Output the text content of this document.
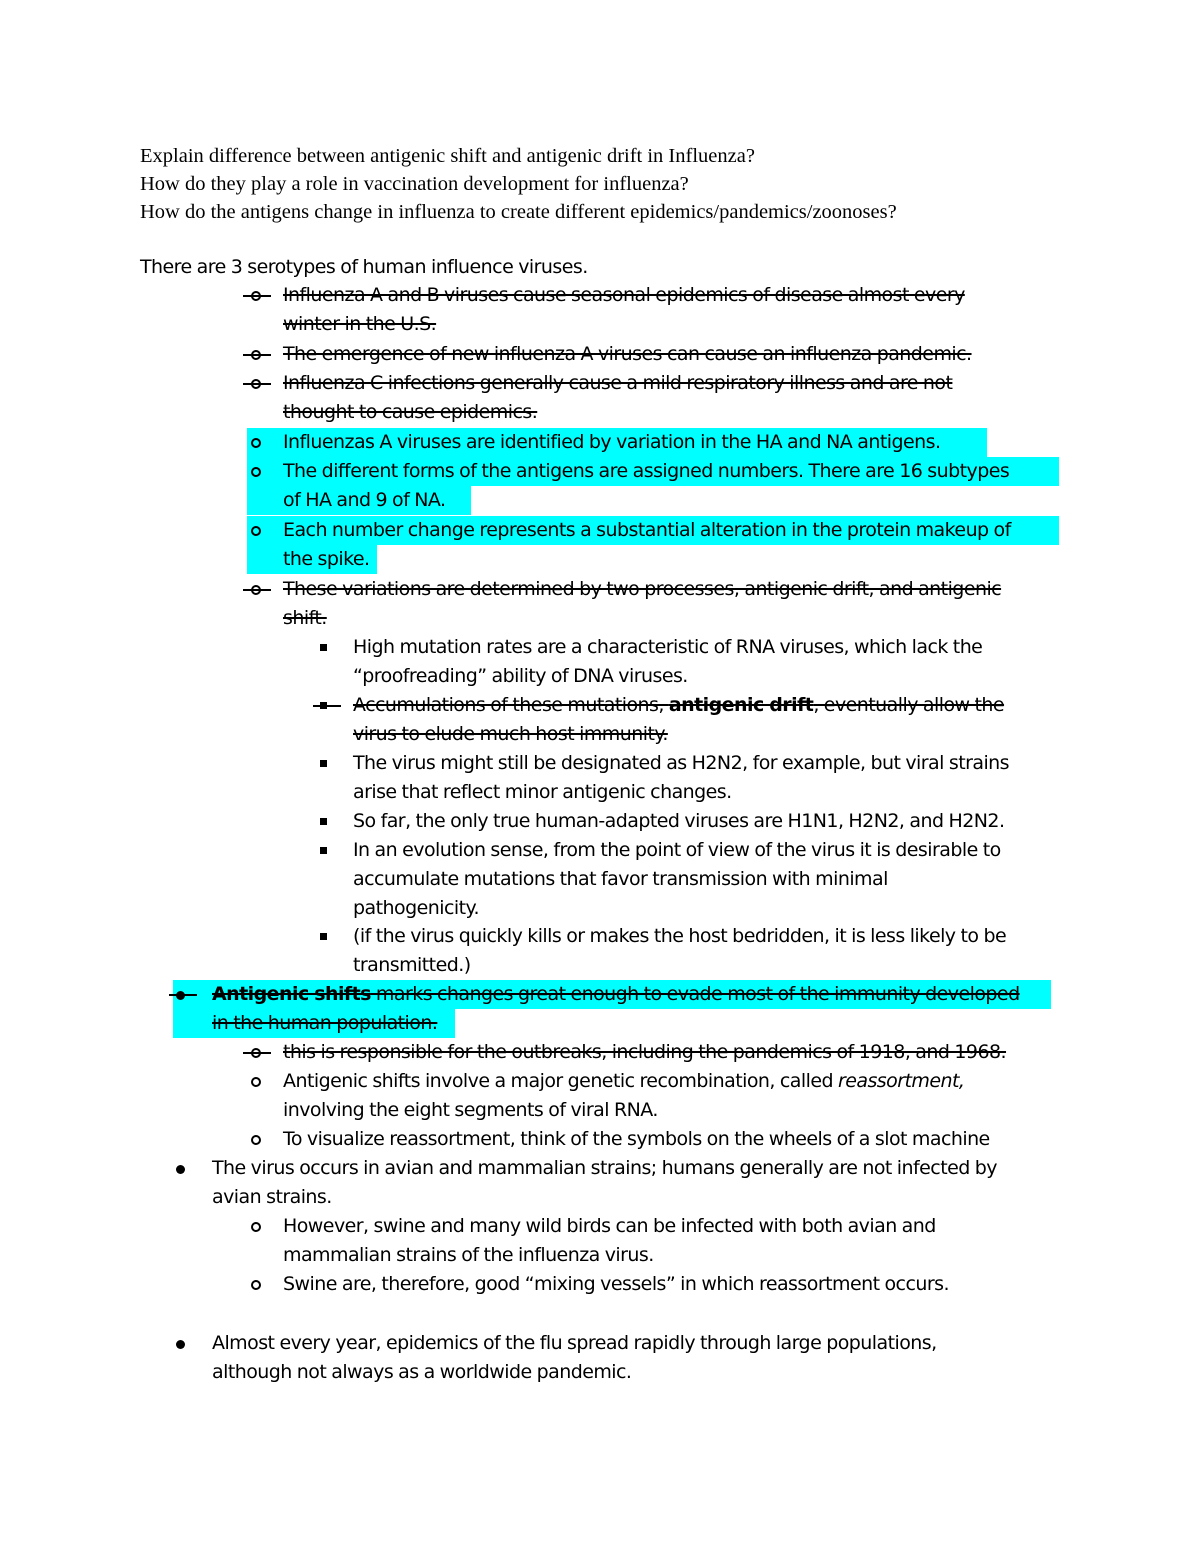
Explain difference between antigenic shift and antigenic drift in Influenza?
How do they play a role in vaccination development for influenza?
How do the antigens change in influenza to create different epidemics/pandemics/zoonoses?
There are 3 serotypes of human influence viruses.
Influenza A and B viruses cause seasonal epidemics of disease almost every
winter in the U.S.
The emergence of new influenza A viruses can cause an influenza pandemic.
Influenza C infections generally cause a mild respiratory illness and are not
thought to cause epidemics.
Influenzas A viruses are identified by variation in the HA and NA antigens.
The different forms of the antigens are assigned numbers. There are 16 subtypes
of HA and 9 of NA.
Each number change represents a substantial alteration in the protein makeup of
the spike.
These variations are determined by two processes, antigenic drift, and antigenic
shift.
High mutation rates are a characteristic of RNA viruses, which lack the
“proofreading” ability of DNA viruses.
Accumulations of these mutations, antigenic drift, eventually allow the
virus to elude much host immunity.
The virus might still be designated as H2N2, for example, but viral strains
arise that reflect minor antigenic changes.
So far, the only true human-adapted viruses are H1N1, H2N2, and H2N2.
In an evolution sense, from the point of view of the virus it is desirable to
accumulate mutations that favor transmission with minimal
pathogenicity.
(if the virus quickly kills or makes the host bedridden, it is less likely to be
transmitted.)
Antigenic shifts marks changes great enough to evade most of the immunity developed
in the human population.
this is responsible for the outbreaks, including the pandemics of 1918, and 1968.
Antigenic shifts involve a major genetic recombination, called reassortment,
involving the eight segments of viral RNA.
To visualize reassortment, think of the symbols on the wheels of a slot machine
The virus occurs in avian and mammalian strains; humans generally are not infected by
avian strains.
However, swine and many wild birds can be infected with both avian and
mammalian strains of the influenza virus.
Swine are, therefore, good “mixing vessels” in which reassortment occurs.
Almost every year, epidemics of the flu spread rapidly through large populations,
although not always as a worldwide pandemic.
